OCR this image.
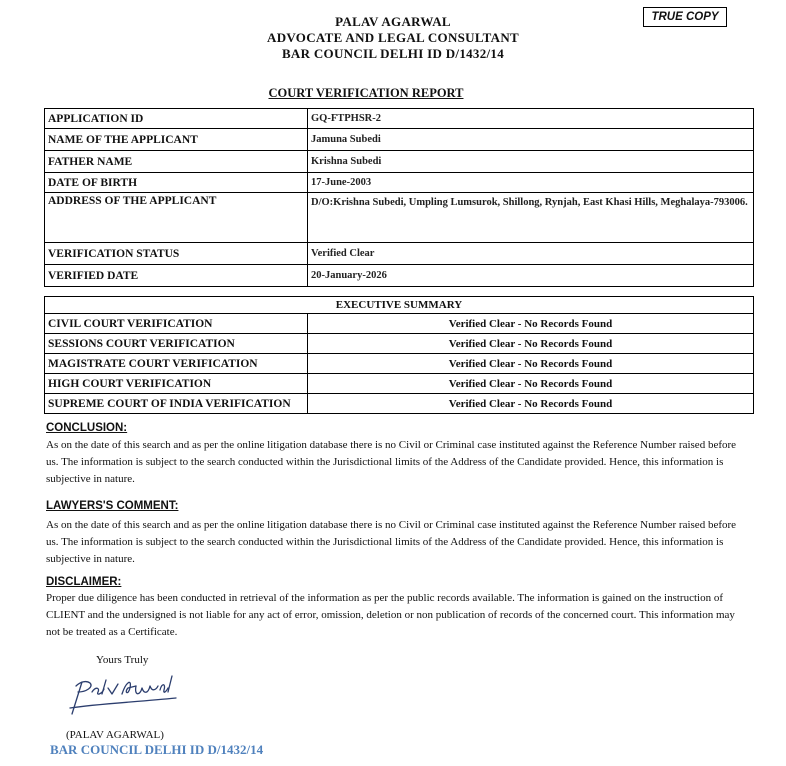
PALAV AGARWAL
ADVOCATE AND LEGAL CONSULTANT
BAR COUNCIL DELHI ID D/1432/14
TRUE COPY
COURT VERIFICATION REPORT
APPLICATION ID	GQ-FTPHSR-2
NAME OF THE APPLICANT	Jamuna Subedi
FATHER NAME	Krishna Subedi
DATE OF BIRTH	17-June-2003
ADDRESS OF THE APPLICANT	D/O:Krishna Subedi, Umpling Lumsurok, Shillong, Rynjah, East Khasi Hills, Meghalaya-793006.
VERIFICATION STATUS	Verified Clear
VERIFIED DATE	20-January-2026
EXECUTIVE SUMMARY	
CIVIL COURT VERIFICATION	Verified Clear - No Records Found
SESSIONS COURT VERIFICATION	Verified Clear - No Records Found
MAGISTRATE COURT VERIFICATION	Verified Clear - No Records Found
HIGH COURT VERIFICATION	Verified Clear - No Records Found
SUPREME COURT OF INDIA VERIFICATION	Verified Clear - No Records Found
CONCLUSION:
As on the date of this search and as per the online litigation database there is no Civil or Criminal case instituted against the Reference Number raised before us. The information is subject to the search conducted within the Jurisdictional limits of the Address of the Candidate provided. Hence, this information is subjective in nature.
LAWYERS'S COMMENT:
As on the date of this search and as per the online litigation database there is no Civil or Criminal case instituted against the Reference Number raised before us. The information is subject to the search conducted within the Jurisdictional limits of the Address of the Candidate provided. Hence, this information is subjective in nature.
DISCLAIMER:
Proper due diligence has been conducted in retrieval of the information as per the public records available. The information is gained on the instruction of CLIENT and the undersigned is not liable for any act of error, omission, deletion or non publication of records of the concerned court. This information may not be treated as a Certificate.
Yours Truly
(PALAV AGARWAL)
BAR COUNCIL DELHI ID D/1432/14
